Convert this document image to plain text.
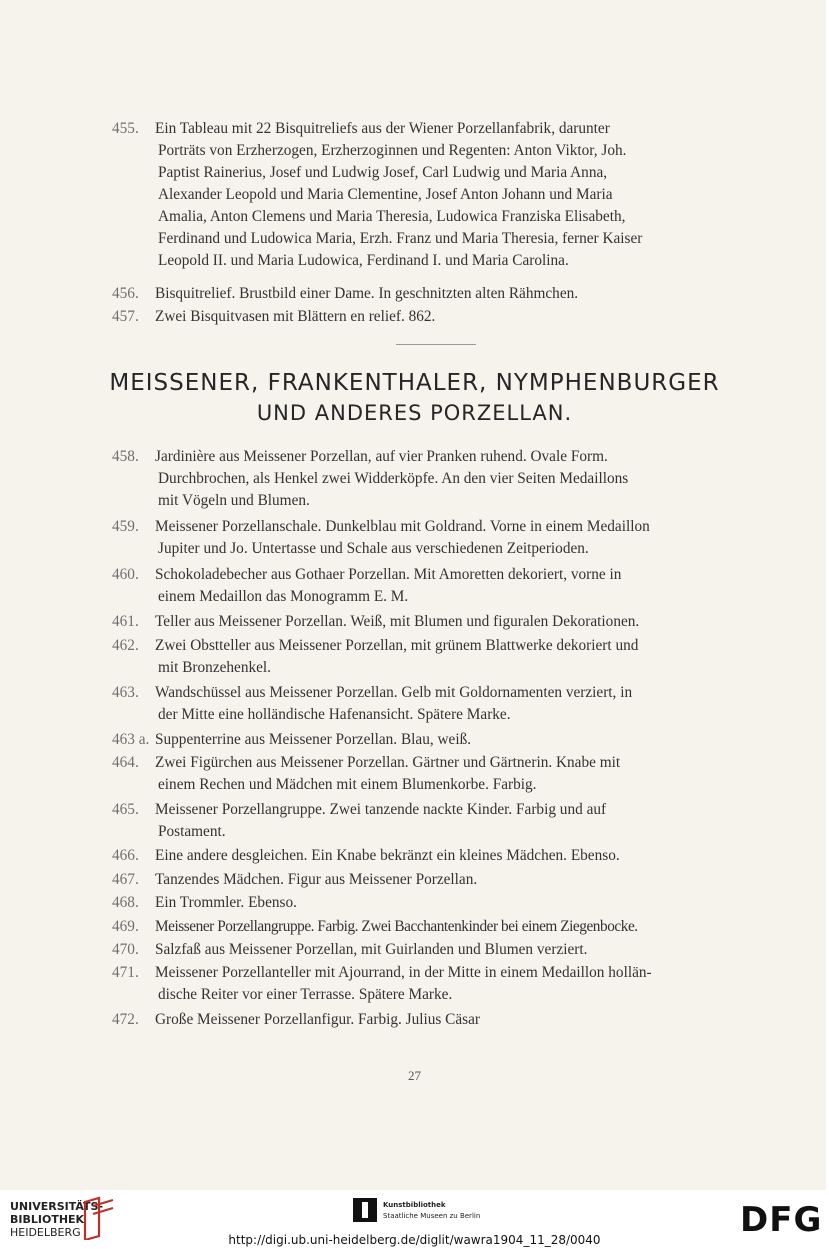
455.	Ein Tableau mit 22 Bisquitreliefs aus der Wiener Porzellanfabrik, darunter
Porträts von Erzherzogen, Erzherzoginnen und Regenten: Anton Viktor, Joh.
Paptist Rainerius, Josef und Ludwig Josef, Carl Ludwig und Maria Anna,
Alexander Leopold und Maria Clementine, Josef Anton Johann und Maria
Amalia, Anton Clemens und Maria Theresia, Ludowica Franziska Elisabeth,
Ferdinand und Ludowica Maria, Erzh. Franz und Maria Theresia, ferner Kaiser
Leopold II. und Maria Ludowica, Ferdinand I. und Maria Carolina.
456.	Bisquitrelief. Brustbild einer Dame. In geschnitzten alten Rähmchen.
457.	Zwei Bisquitvasen mit Blättern en relief. 862.
MEISSENER, FRANKENTHALER, NYMPHENBURGER
UND ANDERES PORZELLAN.
458.	Jardinière aus Meissener Porzellan, auf vier Pranken ruhend. Ovale Form.
Durchbrochen, als Henkel zwei Widderköpfe. An den vier Seiten Medaillons
mit Vögeln und Blumen.
459.	Meissener Porzellanschale. Dunkelblau mit Goldrand. Vorne in einem Medaillon
Jupiter und Jo. Untertasse und Schale aus verschiedenen Zeitperioden.
460.	Schokoladebecher aus Gothaer Porzellan. Mit Amoretten dekoriert, vorne in
einem Medaillon das Monogramm E. M.
461.	Teller aus Meissener Porzellan. Weiß, mit Blumen und figuralen Dekorationen.
462.	Zwei Obstteller aus Meissener Porzellan, mit grünem Blattwerke dekoriert und
mit Bronzehenkel.
463.	Wandschüssel aus Meissener Porzellan. Gelb mit Goldornamenten verziert, in
der Mitte eine holländische Hafenansicht. Spätere Marke.
463 a. Suppenterrine aus Meissener Porzellan. Blau, weiß.
464.	Zwei Figürchen aus Meissener Porzellan. Gärtner und Gärtnerin. Knabe mit
einem Rechen und Mädchen mit einem Blumenkorbe. Farbig.
465.	Meissener Porzellangruppe. Zwei tanzende nackte Kinder. Farbig und auf
Postament.
466.	Eine andere desgleichen. Ein Knabe bekränzt ein kleines Mädchen. Ebenso.
467.	Tanzendes Mädchen. Figur aus Meissener Porzellan.
468.	Ein Trommler. Ebenso.
469.	Meissener Porzellangruppe. Farbig. Zwei Bacchantenkinder bei einem Ziegenbocke.
470.	Salzfaß aus Meissener Porzellan, mit Guirlanden und Blumen verziert.
471.	Meissener Porzellanteller mit Ajourrand, in der Mitte in einem Medaillon hollän-
dische Reiter vor einer Terrasse. Spätere Marke.
472.	Große Meissener Porzellanfigur. Farbig. Julius Cäsar
27
UNIVERSITÄTS-
BIBLIOTHEK
HEIDELBERG
Kunstbibliothek
Staatliche Museen zu Berlin	DFG
http://digi.ub.uni-heidelberg.de/diglit/wawra1904_11_28/0040
